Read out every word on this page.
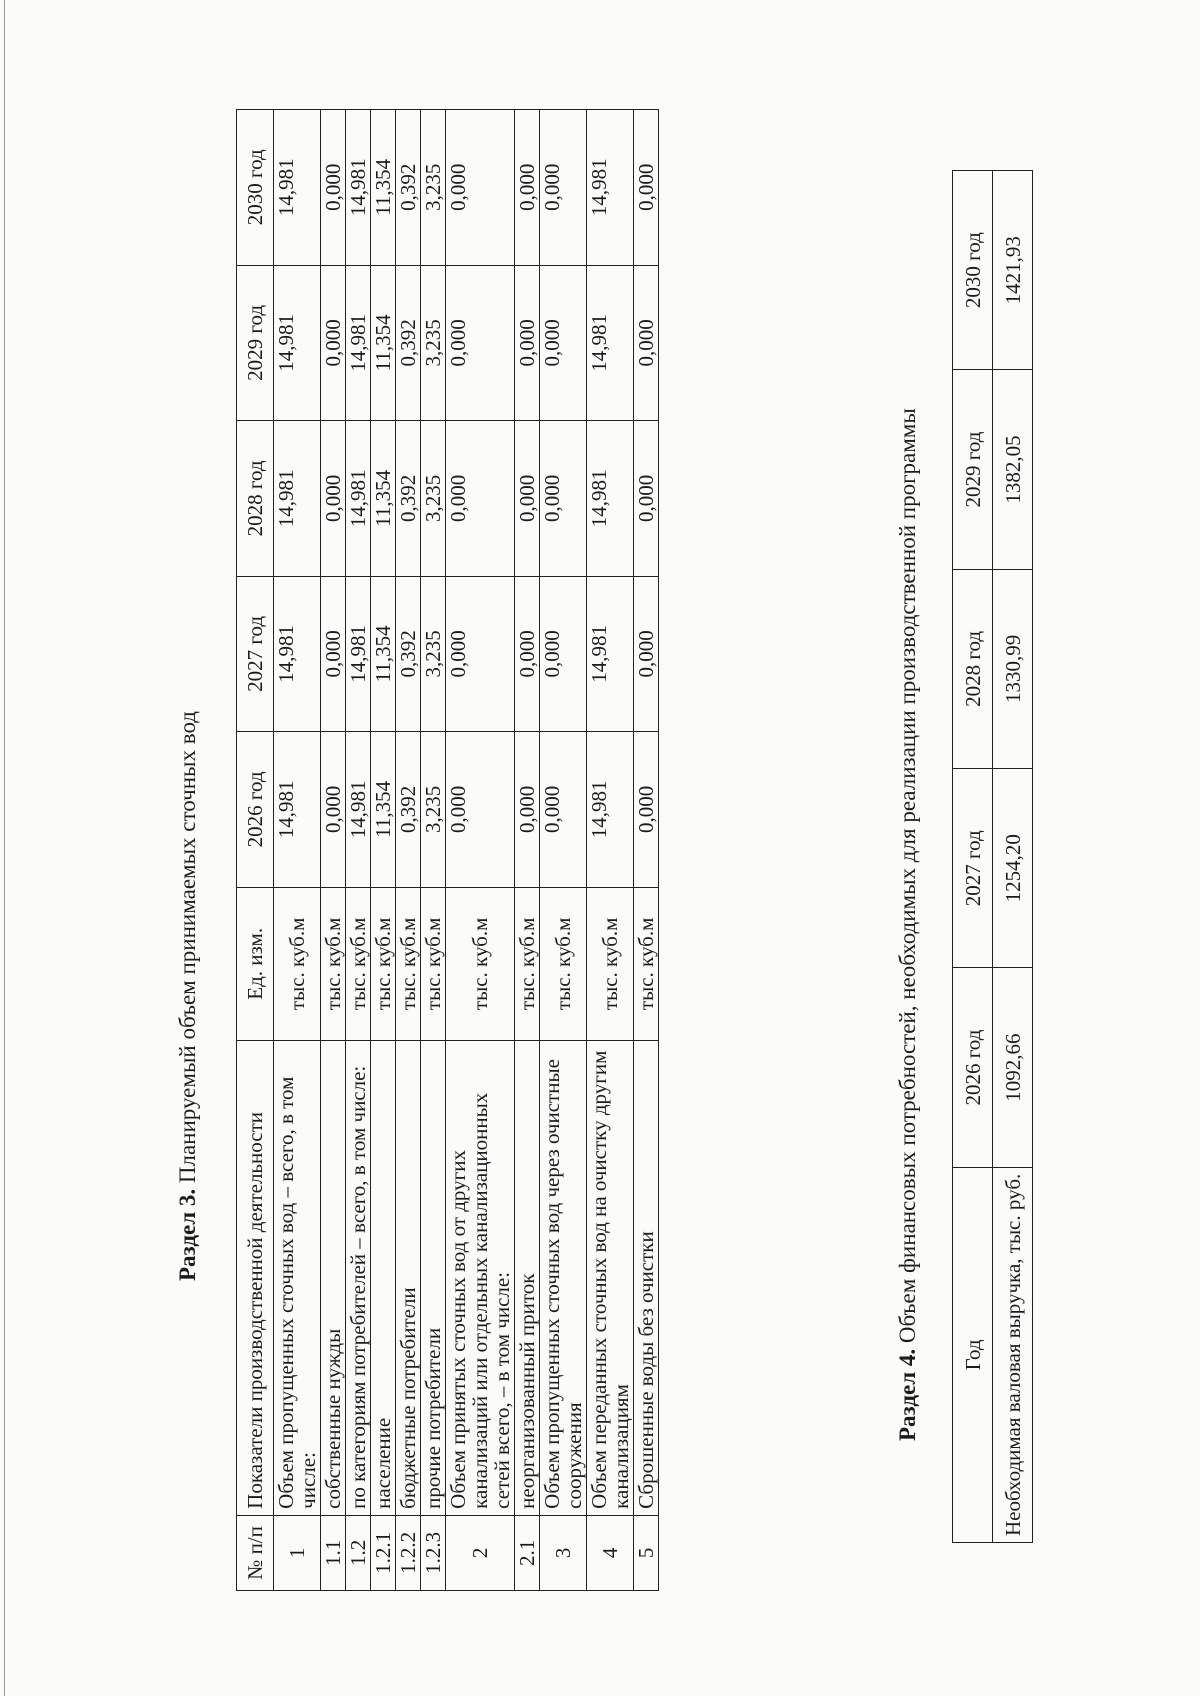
Раздел 3. Планируемый объем принимаемых сточных вод
№ п/п	Показатели производственной деятельности	Ед. изм.	2026 год	2027 год	2028 год	2029 год	2030 год
1	Объем пропущенных сточных вод – всего, в том числе:	тыс. куб.м	14,981	14,981	14,981	14,981	14,981
1.1	собственные нужды	тыс. куб.м	0,000	0,000	0,000	0,000	0,000
1.2	по категориям потребителей – всего, в том числе:	тыс. куб.м	14,981	14,981	14,981	14,981	14,981
1.2.1	население	тыс. куб.м	11,354	11,354	11,354	11,354	11,354
1.2.2	бюджетные потребители	тыс. куб.м	0,392	0,392	0,392	0,392	0,392
1.2.3	прочие потребители	тыс. куб.м	3,235	3,235	3,235	3,235	3,235
2	Объем принятых сточных вод от других канализаций или отдельных канализационных сетей всего, – в том числе:	тыс. куб.м	0,000	0,000	0,000	0,000	0,000
2.1	неорганизованный приток	тыс. куб.м	0,000	0,000	0,000	0,000	0,000
3	Объем пропущенных сточных вод через очистные сооружения	тыс. куб.м	0,000	0,000	0,000	0,000	0,000
4	Объем переданных сточных вод на очистку другим канализациям	тыс. куб.м	14,981	14,981	14,981	14,981	14,981
5	Сброшенные воды без очистки	тыс. куб.м	0,000	0,000	0,000	0,000	0,000
Раздел 4. Объем финансовых потребностей, необходимых для реализации производственной программы
Год	2026 год	2027 год	2028 год	2029 год	2030 год
Необходимая валовая выручка, тыс. руб.	1092,66	1254,20	1330,99	1382,05	1421,93
